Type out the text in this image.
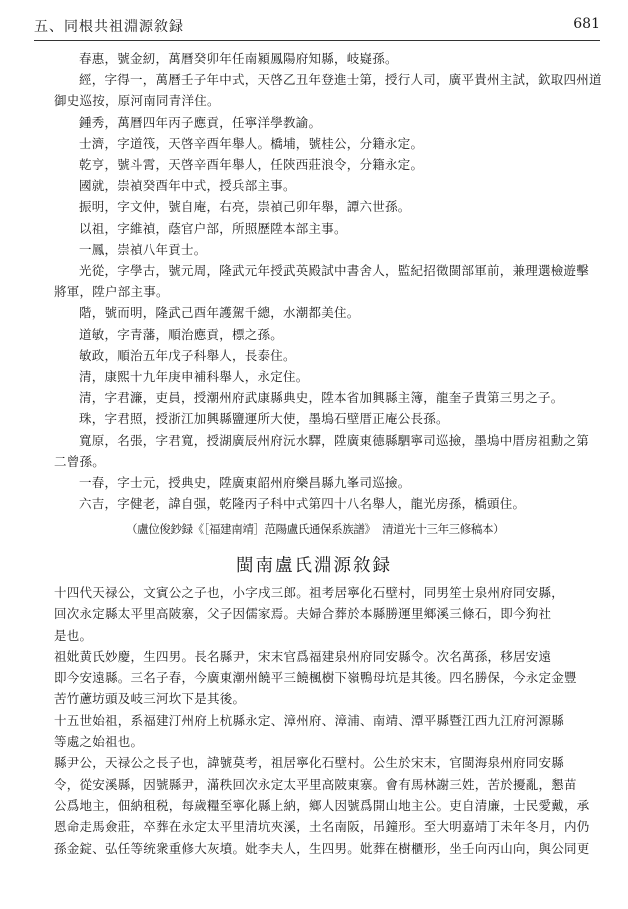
五、同根共祖淵源敘録	681
春惠，號金紉，萬曆癸卯年任南潁鳳陽府知縣，岐嶷孫。
經，字得一，萬曆壬子年中式，天啓乙丑年登進士第，授行人司，廣平貴州主試，欽取四州道
御史巡按，原河南同青洋住。
鍾秀，萬曆四年丙子應貢，任寧洋學教諭。
士濟，字道筏，天啓辛酉年舉人。橋埔，號桂公，分籍永定。
乾亨，號斗霄，天啓辛酉年舉人，任陝西莊浪令，分籍永定。
國就，崇禎癸酉年中式，授兵部主事。
振明，字文仲，號自庵，右亮，崇禎己卯年舉，譚六世孫。
以祖，字維禎，蔭官户部，所照歷陞本部主事。
一鳳，崇禎八年貢士。
光從，字學古，號元周，隆武元年授武英殿試中書舍人，監紀招徵閩部軍前，兼理選檢遊擊
將軍，陞户部主事。
階，號而明，隆武己酉年護駕千總，水潮都美住。
道敏，字青藩，順治應貢，標之孫。
敏政，順治五年戊子科舉人，長泰住。
清，康熙十九年庚申補科舉人，永定住。
清，字君濂，吏員，授潮州府武康縣典史，陞本省加興縣主簿，龍奎子貴第三男之子。
珠，字君照，授浙江加興縣鹽運所大使，墨塢石壁厝正庵公長孫。
寬原，名張，字君寬，授湖廣辰州府沅水驛，陞廣東德縣駟寧司巡撿，墨塢中厝房祖勳之第
二曾孫。
一春，字士元，授典史，陞廣東韶州府樂昌縣九峯司巡撿。
六吉，字健老，諱自强，乾隆丙子科中式第四十八名舉人，龍光房孫，橋頭住。
（盧位俊鈔録《［福建南靖］范陽盧氏通保系族譜》 清道光十三年三修稿本）
閩南盧氏淵源敘録
十四代天禄公，文賓公之子也，小字戌三郎。祖考居寧化石壁村，同男笙士泉州府同安縣，
回次永定縣太平里高陂寨，父子因儒家焉。夫婦合葬於本縣勝運里鄉溪三條石，即今狗社
是也。
祖妣黄氏妙慶，生四男。長名縣尹，宋末官爲福建泉州府同安縣令。次名萬孫，移居安遠
即今安遠縣。三名子春，今廣東潮州饒平三饒楓樹下嶺鴨母坑是其後。四名勝保，今永定金豐
苦竹藘坊頭及岐三河坎下是其後。
十五世始祖，系福建汀州府上杭縣永定、漳州府、漳浦、南靖、潭平縣暨江西九江府河源縣
等處之始祖也。
縣尹公，天禄公之長子也，諱號莫考，祖居寧化石壁村。公生於宋末，官閩海泉州府同安縣
令，從安溪縣，因號縣尹，滿秩回次永定太平里高陂東寨。會有馬林謝三姓，苦於擾亂，懇苗
公爲地主，佃納租税，每歲糧至寧化縣上納，鄉人因號爲開山地主公。吏自清廉，士民愛戴，承
恩命走馬僉莊，卒葬在永定太平里清坑夾溪，土名南阪，吊鐘形。至大明嘉靖丁未年冬月，内仍
孫金錠、弘任等统衆重修大灰墳。妣李夫人，生四男。妣葬在樹櫃形，坐壬向丙山向，與公同更
